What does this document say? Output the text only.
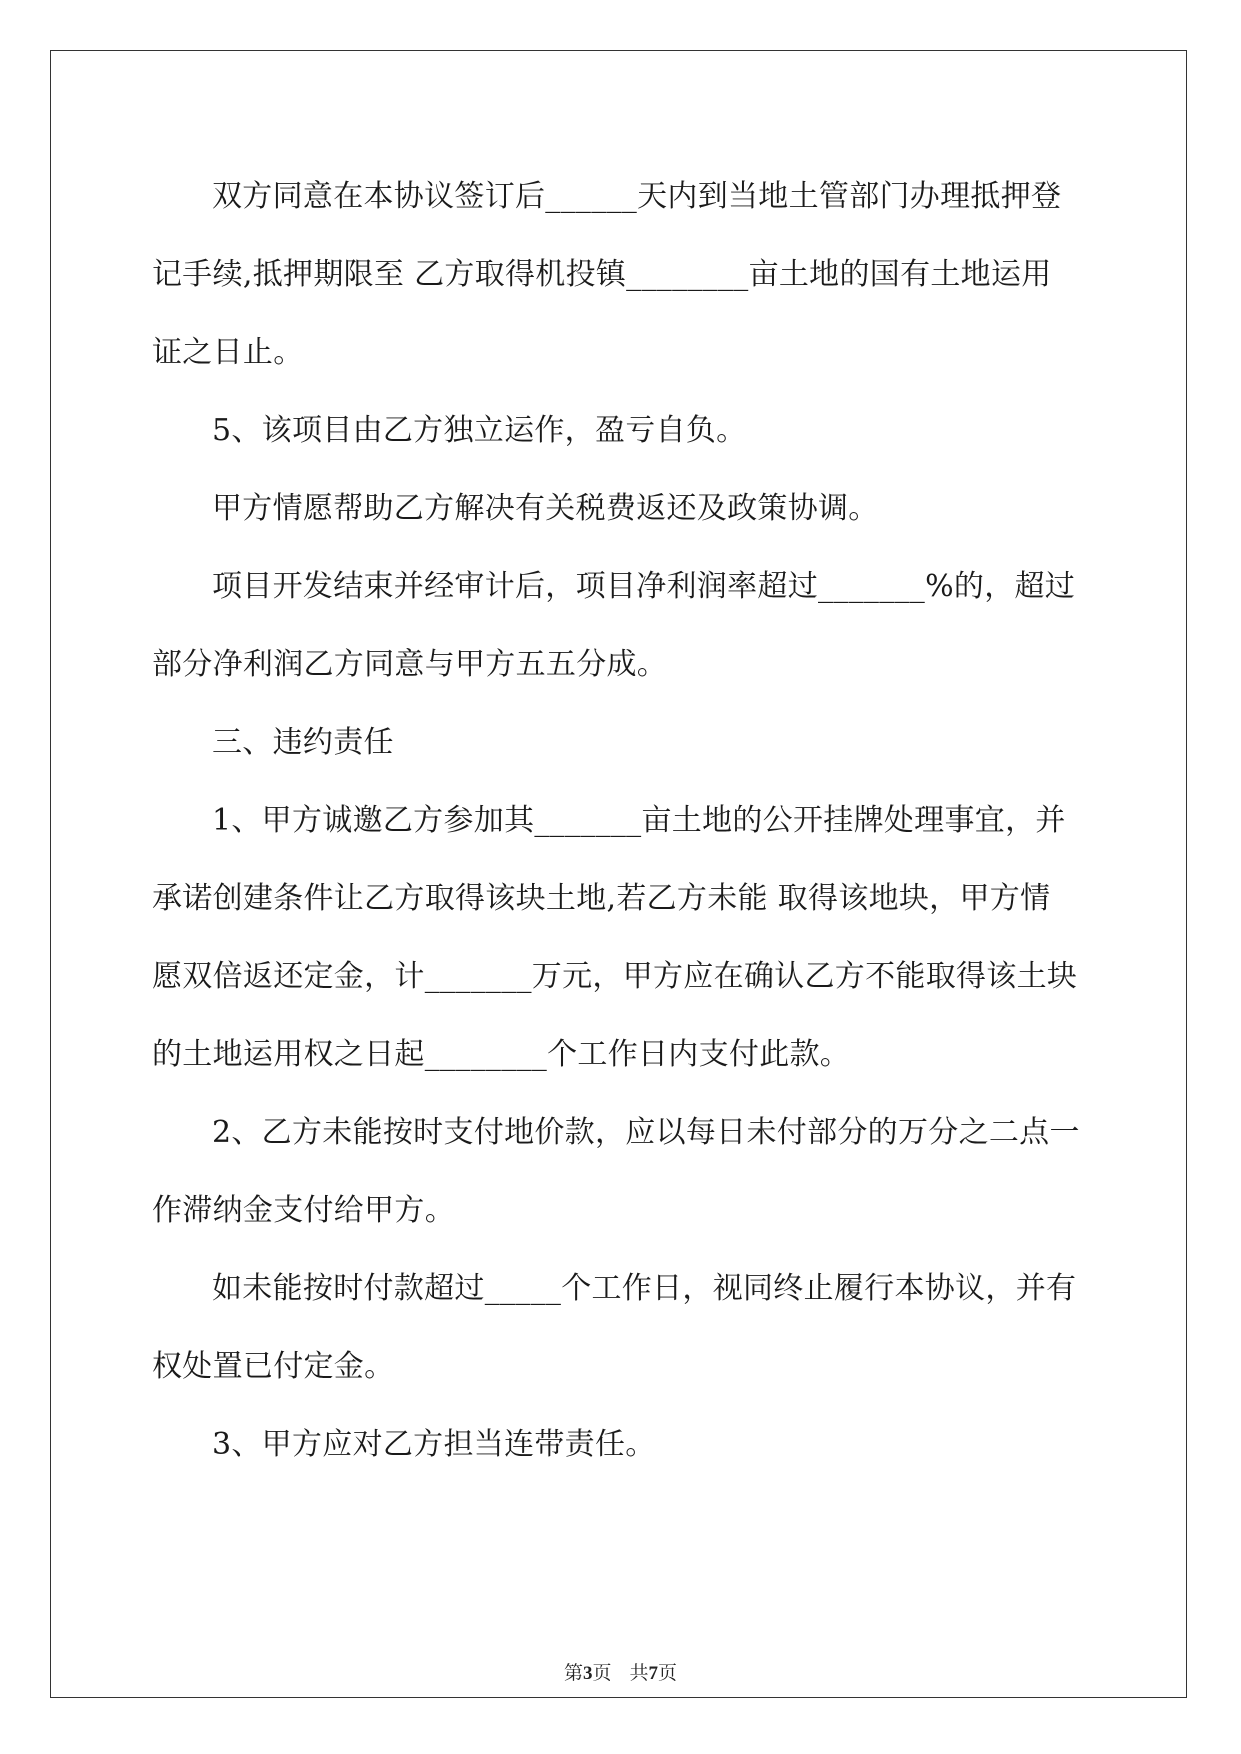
双方同意在本协议签订后______天内到当地土管部门办理抵押登
记手续,抵押期限至 乙方取得机投镇________亩土地的国有土地运用
证之日止。
5、该项目由乙方独立运作，盈亏自负。
甲方情愿帮助乙方解决有关税费返还及政策协调。
项目开发结束并经审计后，项目净利润率超过_______%的，超过
部分净利润乙方同意与甲方五五分成。
三、违约责任
1、甲方诚邀乙方参加其_______亩土地的公开挂牌处理事宜，并
承诺创建条件让乙方取得该块土地,若乙方未能 取得该地块，甲方情
愿双倍返还定金，计_______万元，甲方应在确认乙方不能取得该土块
的土地运用权之日起________个工作日内支付此款。
2、乙方未能按时支付地价款，应以每日未付部分的万分之二点一
作滞纳金支付给甲方。
如未能按时付款超过_____个工作日，视同终止履行本协议，并有
权处置已付定金。
3、甲方应对乙方担当连带责任。
第3页 共7页
